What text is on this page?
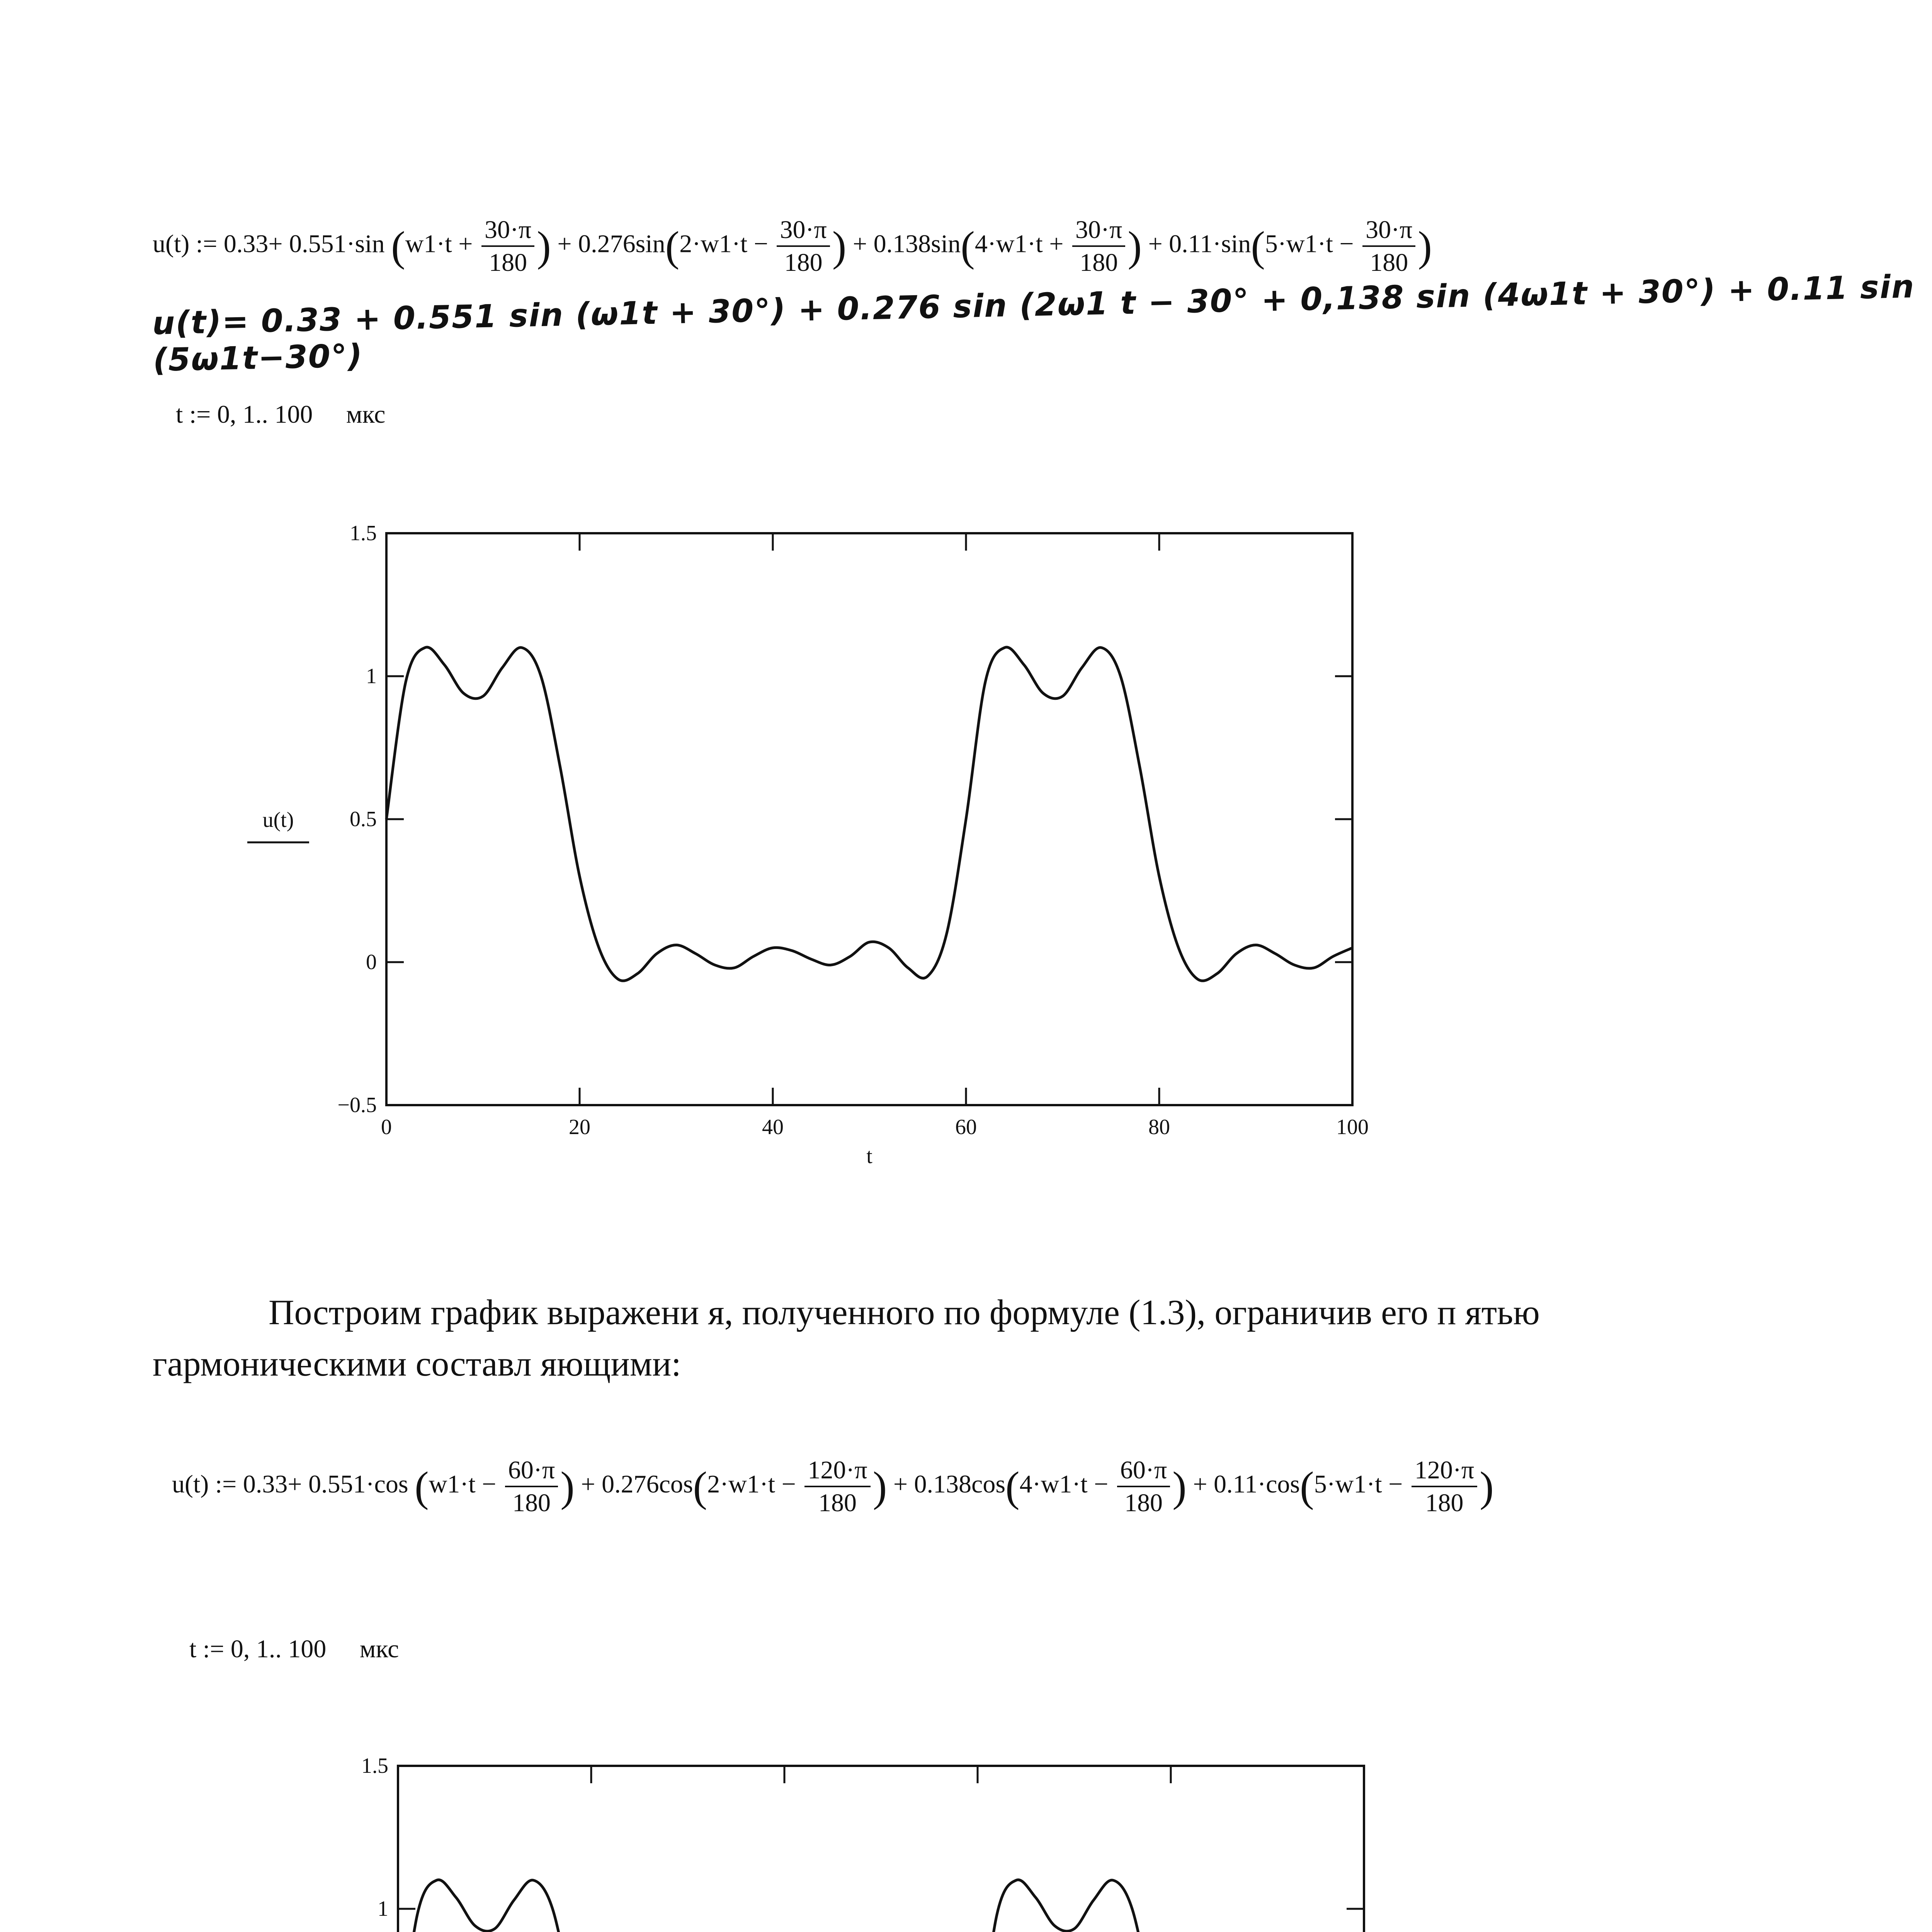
u(t) := 0.33+ 0.551·sin ($w1\cdot t + \frac{30\cdot\pi}{180}$ ) + $0.276\sin(2\cdot w1\cdot t - \frac{30\cdot\pi}{180}$ ) + $0.138\sin(4\cdot w1\cdot t + \frac{30\cdot\pi}{180}$ ) + $0.11\cdot\sin(5\cdot w1\cdot t - \frac{30\cdot\pi}{180}$ )
u(t)= 0.33 + 0.551 sin (ω1t + 30°) + 0.276 sin (2ω1 t − 30° + 0,138 sin (4ω1t + 30°) + 0.11 sin (5ω1t−30°)
t := 0, 1.. 100 мкс
0	20	40	60	80	100
−0.5
0
0.5
1
1.5
t
u(t)
Построим график выражени я, полученного по формуле (1.3), ограничив его п ятью
гармоническими составл яющими:
u(t) := 0.33+ 0.551·cos ($w1\cdot t - \frac{60\cdot\pi}{180}$ ) + $0.276\cos(2\cdot w1\cdot t - \frac{120\cdot\pi}{180}$ ) + $0.138\cos(4\cdot w1\cdot t - \frac{60\cdot\pi}{180}$ ) + $0.11\cdot\cos(5\cdot w1\cdot t - \frac{120\cdot\pi}{180}$ )
t := 0, 1.. 100 мкс
1
1.5
